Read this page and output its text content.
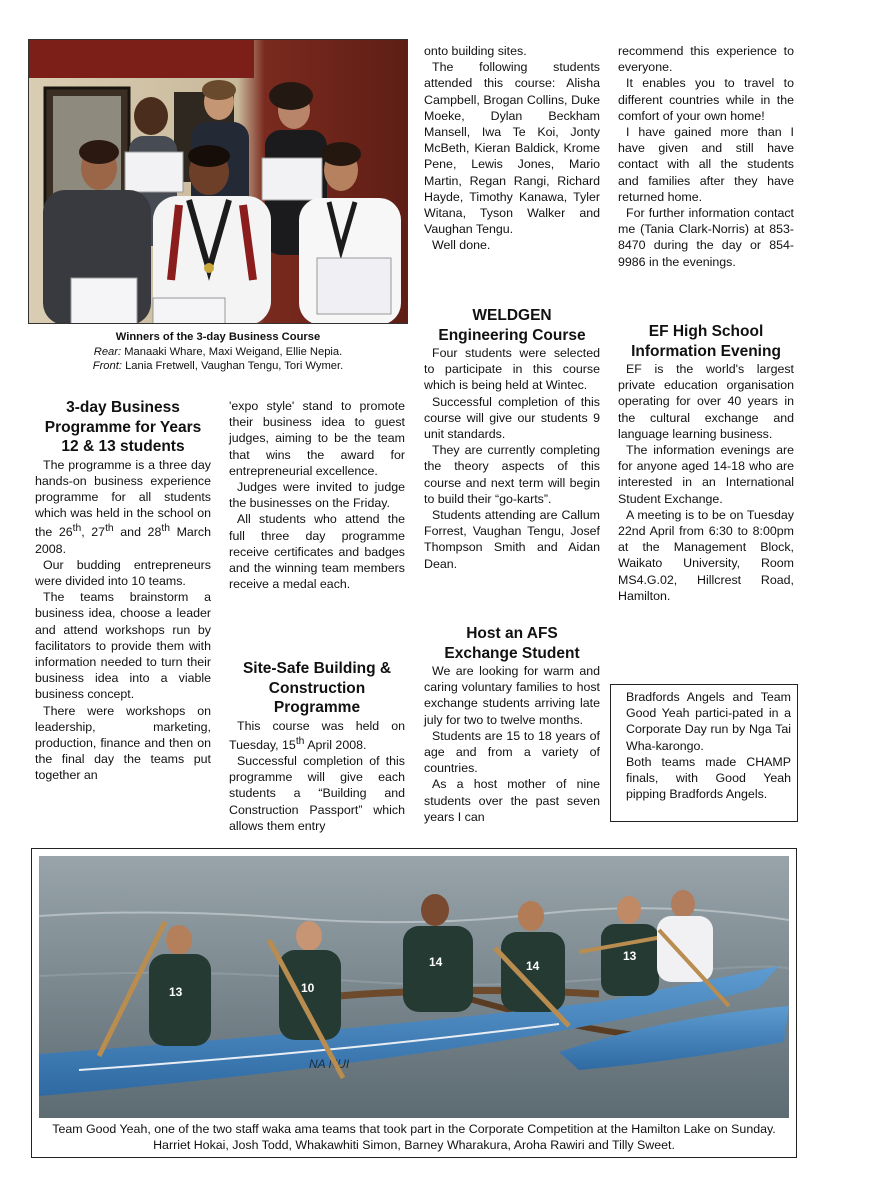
Winners of the 3-day Business Course
Rear: Manaaki Whare, Maxi Weigand, Ellie Nepia.
Front: Lania Fretwell, Vaughan Tengu, Tori Wymer.
3-day Business
Programme for Years
12 & 13 students

The programme is a three day hands-on business experience programme for all students which was held in the school on the 26th, 27th and 28th March 2008.

Our budding entrepreneurs were divided into 10 teams.

The teams brainstorm a business idea, choose a leader and attend workshops run by facilitators to provide them with information needed to turn their business idea into a viable business concept.

There were workshops on leadership, marketing, production, finance and then on the final day the teams put together an

'expo style' stand to promote their business idea to guest judges, aiming to be the team that wins the award for entrepreneurial excellence.

Judges were invited to judge the businesses on the Friday.

All students who attend the full three day programme receive certificates and badges and the winning team members receive a medal each.

Site-Safe Building &
Construction
Programme

This course was held on Tuesday, 15th April 2008.

Successful completion of this programme will give each students a “Building and Construction Passport” which allows them entry

onto building sites.

The following students attended this course: Alisha Campbell, Brogan Collins, Duke Moeke, Dylan Beckham Mansell, Iwa Te Koi, Jonty McBeth, Kieran Baldick, Krome Pene, Lewis Jones, Mario Martin, Regan Rangi, Richard Hayde, Timothy Kanawa, Tyler Witana, Tyson Walker and Vaughan Tengu.

Well done.

WELDGEN
Engineering Course

Four students were selected to participate in this course which is being held at Wintec.

Successful completion of this course will give our students 9 unit standards.

They are currently completing the theory aspects of this course and next term will begin to build their “go-karts”.

Students attending are Callum Forrest, Vaughan Tengu, Josef Thompson Smith and Aidan Dean.

Host an AFS
Exchange Student

We are looking for warm and caring voluntary families to host exchange students arriving late july for two to twelve months.

Students are 15 to 18 years of age and from a variety of countries.

As a host mother of nine students over the past seven years I can

recommend this experience to everyone.

It enables you to travel to different countries while in the comfort of your own home!

I have gained more than I have given and still have contact with all the students and families after they have returned home.

For further information contact me (Tania Clark-Norris) at 853-8470 during the day or 854-9986 in the evenings.

EF High School
Information Evening

EF is the world's largest private education organisation operating for over 40 years in the cultural exchange and language learning business.

The information evenings are for anyone aged 14-18 who are interested in an International Student Exchange.

A meeting is to be on Tuesday 22nd April from 6:30 to 8:00pm at the Management Block, Waikato University, Room MS4.G.02, Hillcrest Road, Hamilton.

Bradfords Angels and Team Good Yeah partici-pated in a Corporate Day run by Nga Tai Wha-karongo.

Both teams made CHAMP finals, with Good Yeah pipping Bradfords Angels.

NA NUI
13	10
14	14
13
Team Good Yeah, one of the two staff waka ama teams that took part in the Corporate Competition at the Hamilton Lake on Sunday. Harriet Hokai, Josh Todd, Whakawhiti Simon, Barney Wharakura, Aroha Rawiri and Tilly Sweet.
